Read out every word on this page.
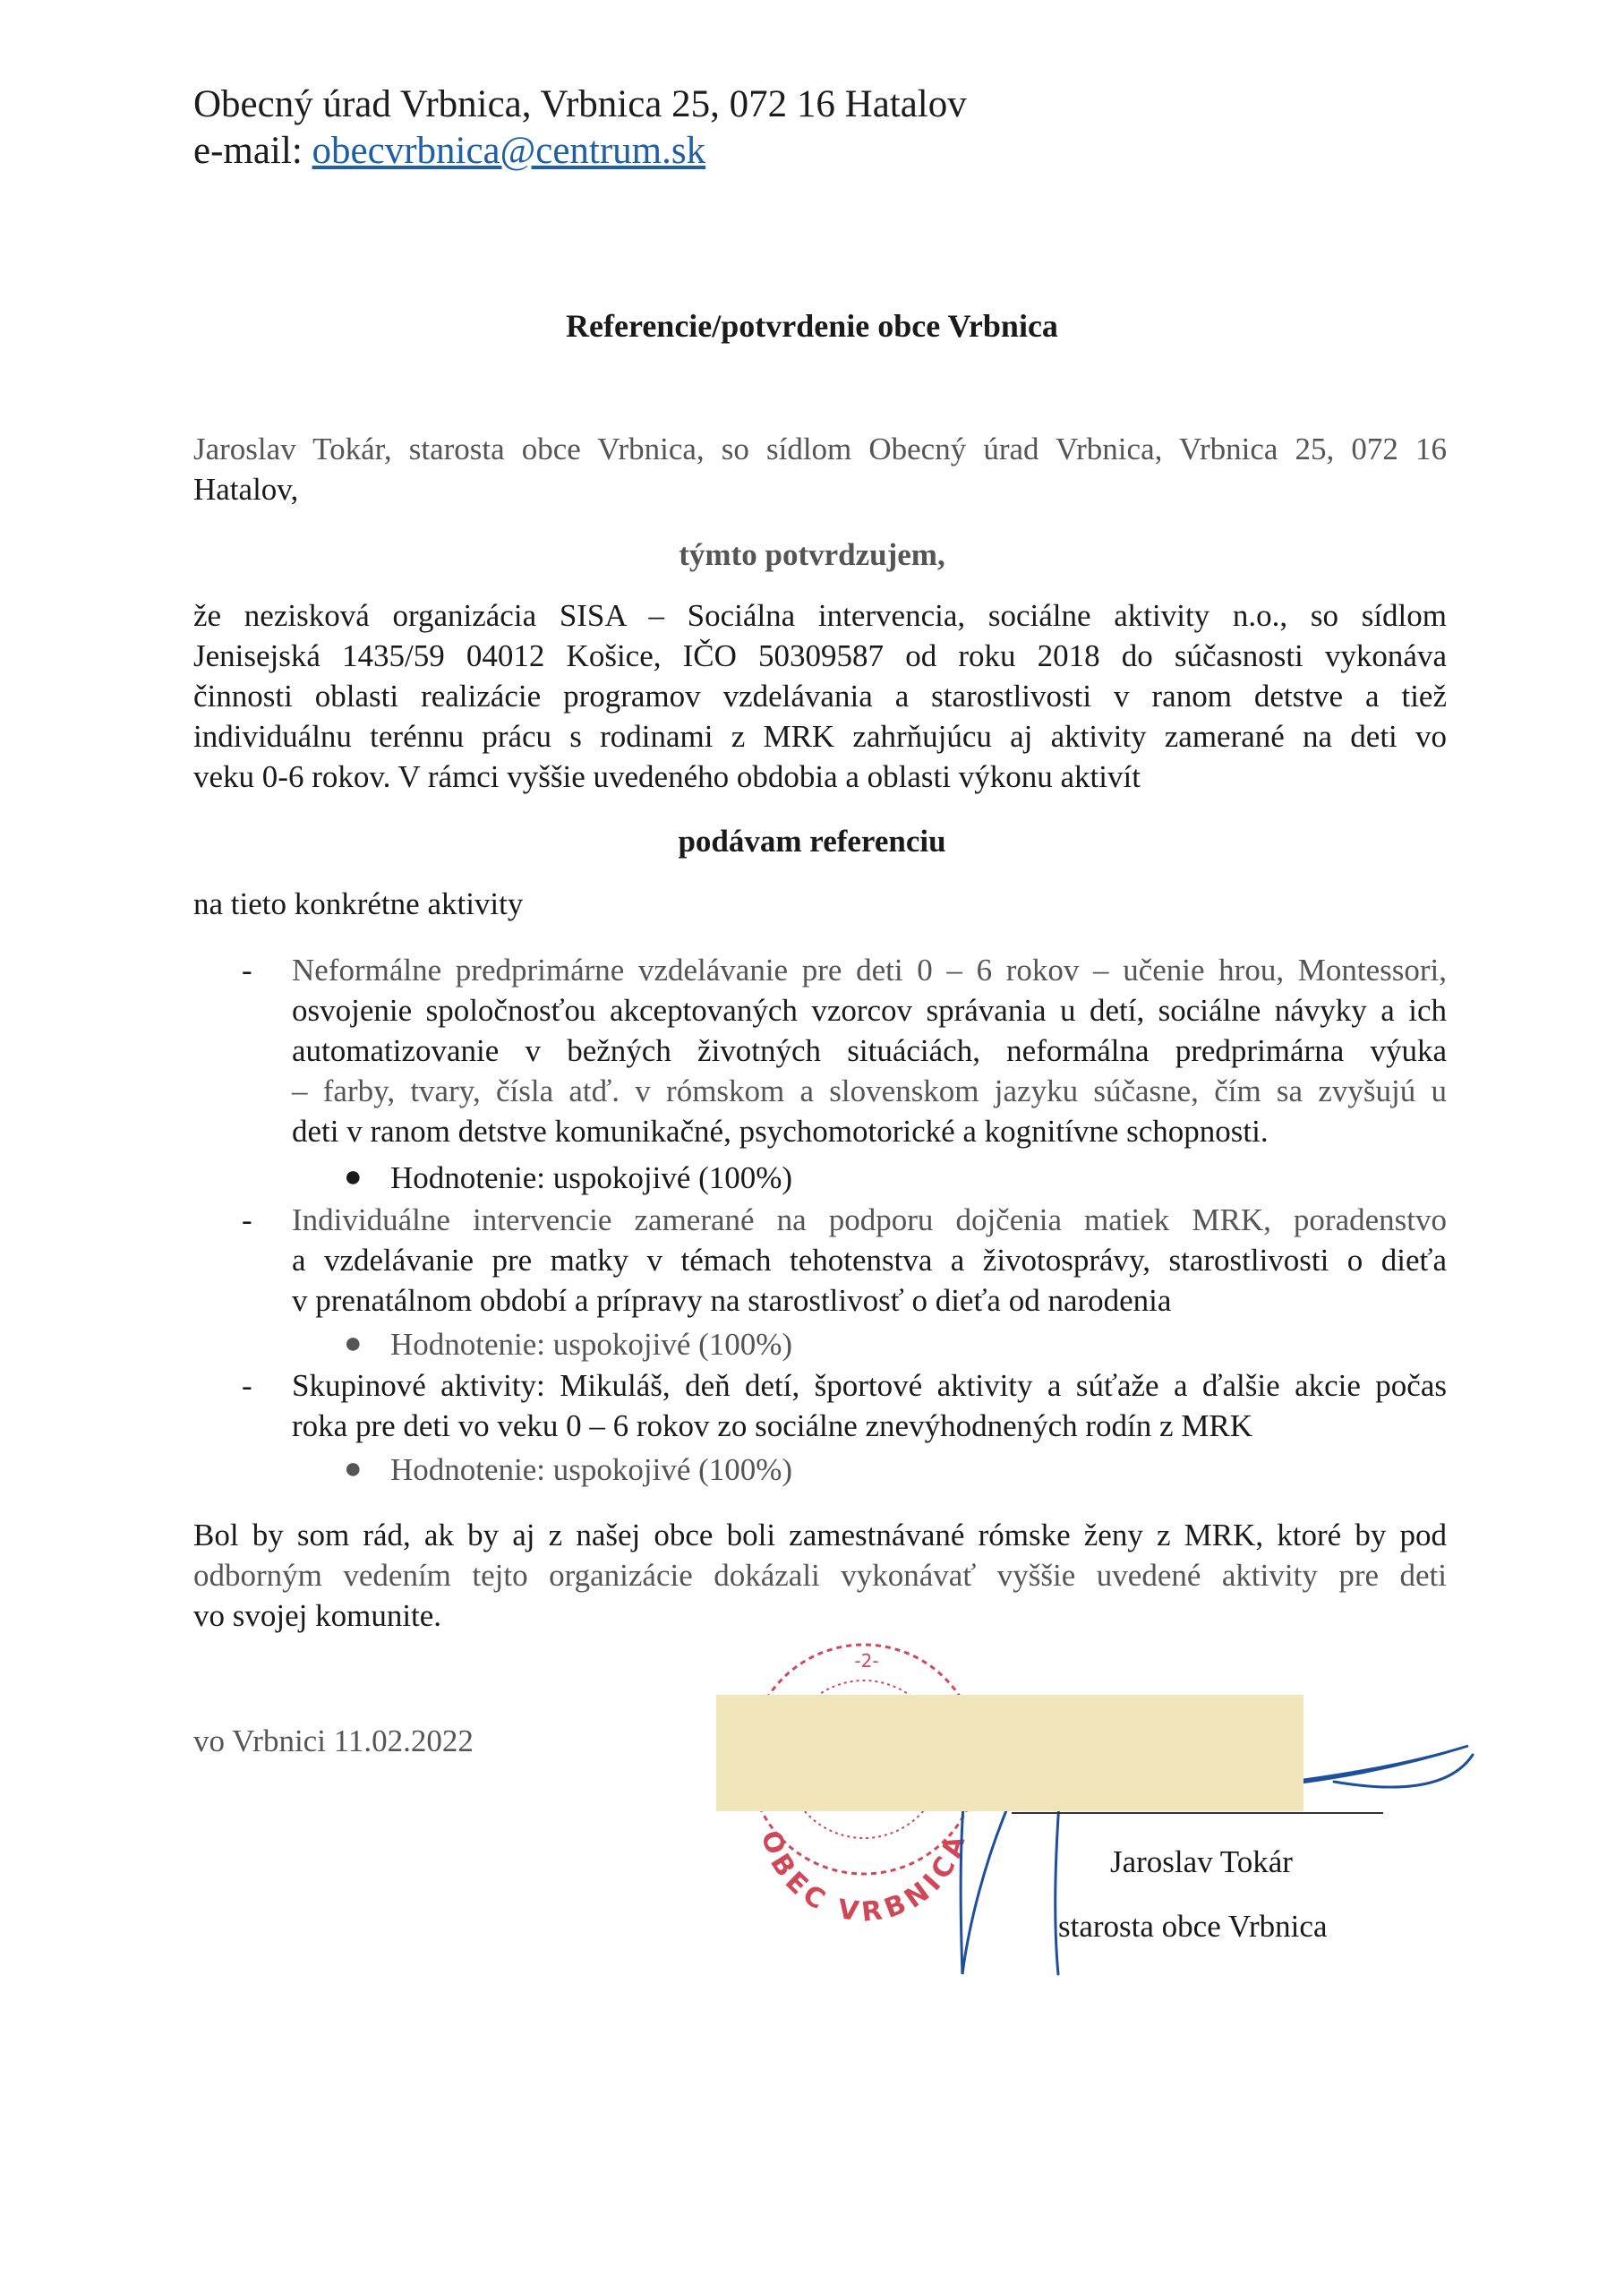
Obecný úrad Vrbnica, Vrbnica 25, 072 16 Hatalov
e-mail: obecvrbnica@centrum.sk
Referencie/potvrdenie obce Vrbnica
Jaroslav Tokár, starosta obce Vrbnica, so sídlom Obecný úrad Vrbnica, Vrbnica 25, 072 16
Hatalov,
týmto potvrdzujem,
že nezisková organizácia SISA – Sociálna intervencia, sociálne aktivity n.o., so sídlom
Jenisejská 1435/59 04012 Košice, IČO 50309587 od roku 2018 do súčasnosti vykonáva
činnosti oblasti realizácie programov vzdelávania a starostlivosti v ranom detstve a tiež
individuálnu terénnu prácu s rodinami z MRK zahrňujúcu aj aktivity zamerané na deti vo
veku 0-6 rokov. V rámci vyššie uvedeného obdobia a oblasti výkonu aktivít
podávam referenciu
na tieto konkrétne aktivity
- Neformálne predprimárne vzdelávanie pre deti 0 – 6 rokov – učenie hrou, Montessori,
osvojenie spoločnosťou akceptovaných vzorcov správania u detí, sociálne návyky a ich
automatizovanie v bežných životných situáciách, neformálna predprimárna výuka
– farby, tvary, čísla atď. v rómskom a slovenskom jazyku súčasne, čím sa zvyšujú u
deti v ranom detstve komunikačné, psychomotorické a kognitívne schopnosti.
● Hodnotenie: uspokojivé (100%)
- Individuálne intervencie zamerané na podporu dojčenia matiek MRK, poradenstvo
a vzdelávanie pre matky v témach tehotenstva a životosprávy, starostlivosti o dieťa
v prenatálnom období a prípravy na starostlivosť o dieťa od narodenia
● Hodnotenie: uspokojivé (100%)
- Skupinové aktivity: Mikuláš, deň detí, športové aktivity a súťaže a ďalšie akcie počas
roka pre deti vo veku 0 – 6 rokov zo sociálne znevýhodnených rodín z MRK
● Hodnotenie: uspokojivé (100%)
Bol by som rád, ak by aj z našej obce boli zamestnávané rómske ženy z MRK, ktoré by pod
odborným vedením tejto organizácie dokázali vykonávať vyššie uvedené aktivity pre deti
vo svojej komunite.
vo Vrbnici 11.02.2022
-2-
OBEC VRBNICA
Jaroslav Tokár
starosta obce Vrbnica
